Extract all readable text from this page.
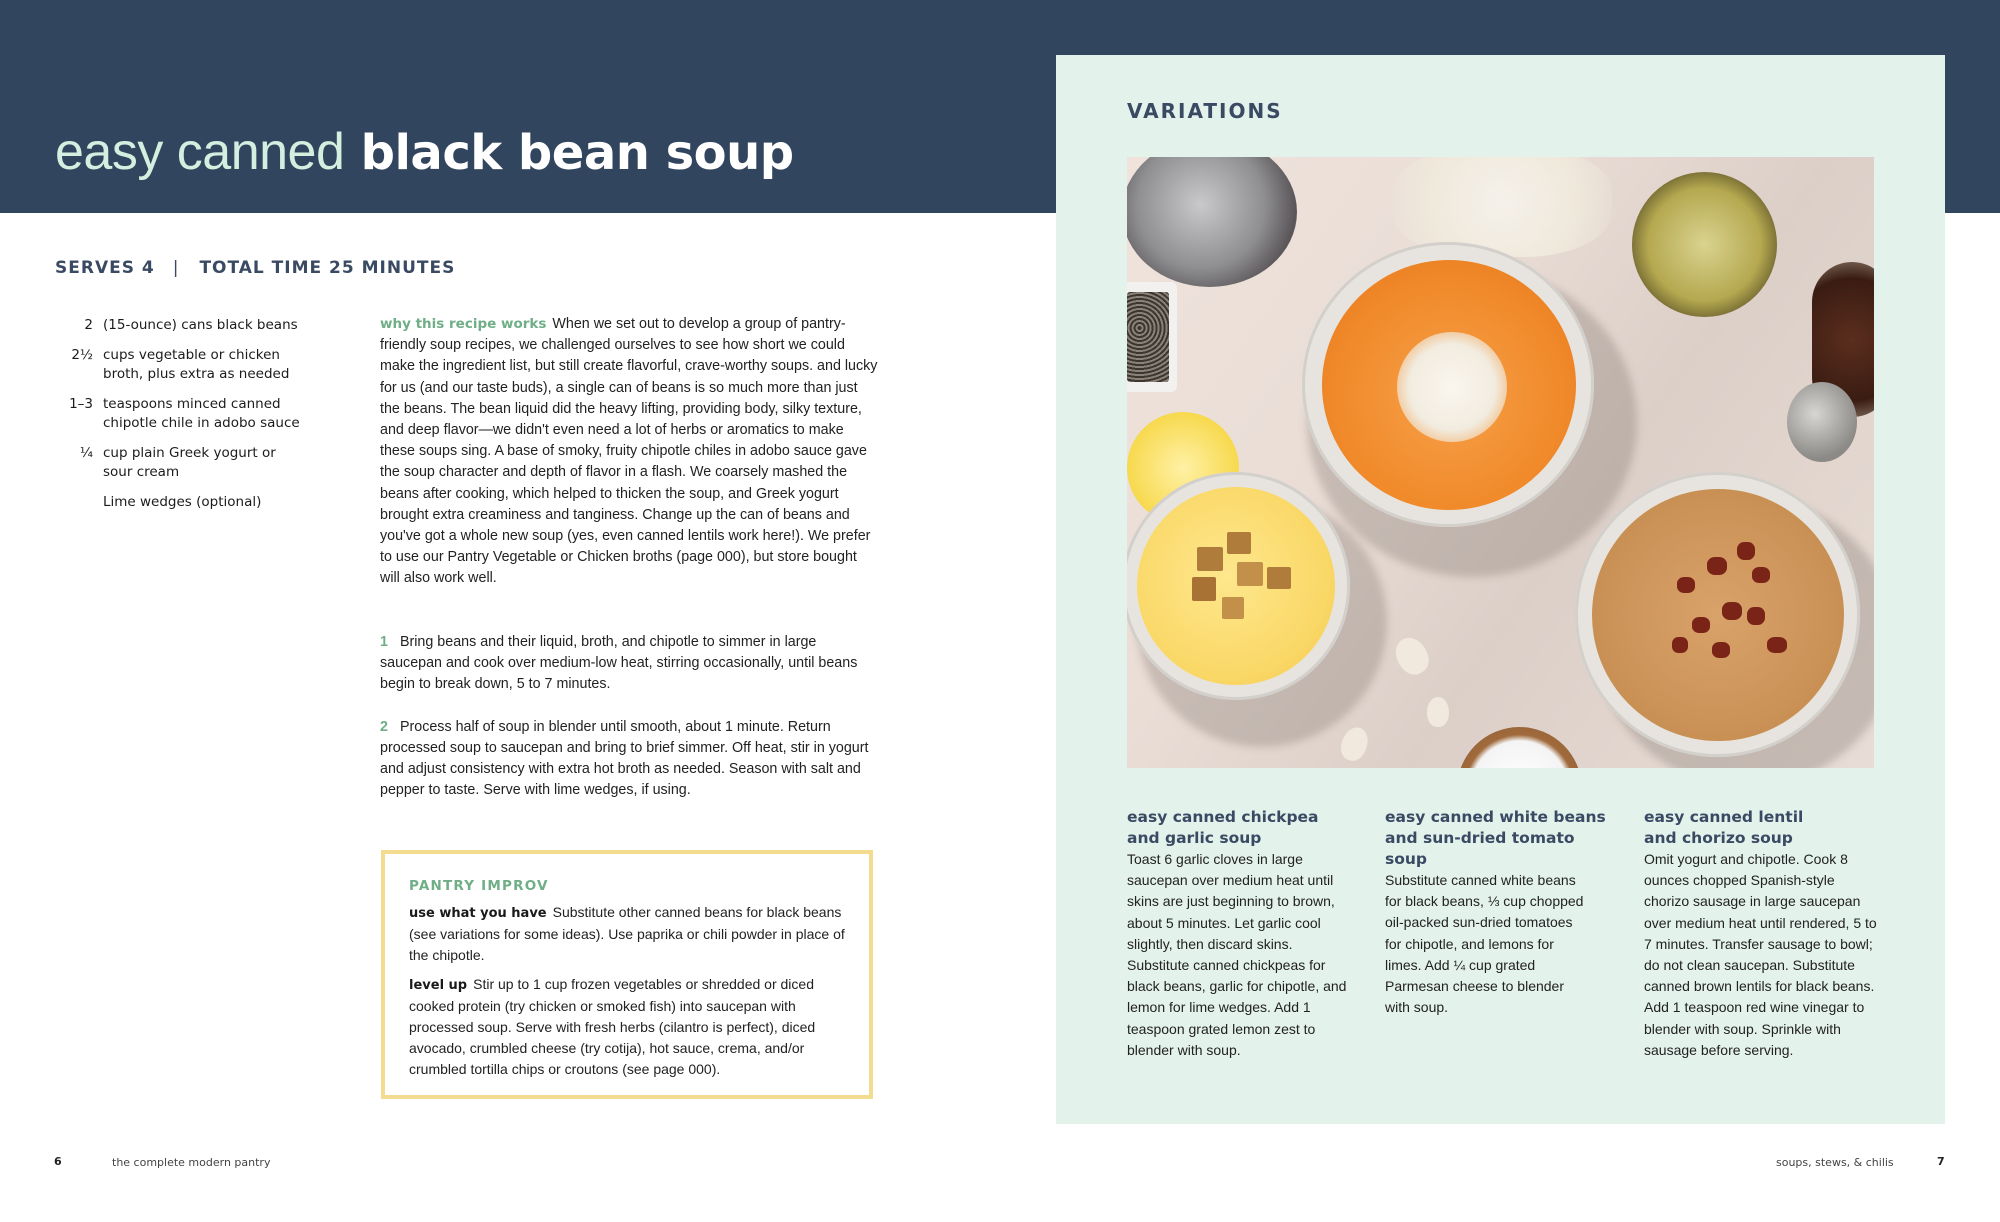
easy canned black bean soup
SERVES 4 | TOTAL TIME 25 MINUTES
2 (15-ounce) cans black beans
2½ cups vegetable or chicken broth, plus extra as needed
1–3 teaspoons minced canned chipotle chile in adobo sauce
¼ cup plain Greek yogurt or sour cream
Lime wedges (optional)
why this recipe works When we set out to develop a group of pantry-friendly soup recipes, we challenged ourselves to see how short we could make the ingredient list, but still create flavorful, crave-worthy soups. and lucky for us (and our taste buds), a single can of beans is so much more than just the beans. The bean liquid did the heavy lifting, providing body, silky texture, and deep flavor—we didn't even need a lot of herbs or aromatics to make these soups sing. A base of smoky, fruity chipotle chiles in adobo sauce gave the soup character and depth of flavor in a flash. We coarsely mashed the beans after cooking, which helped to thicken the soup, and Greek yogurt brought extra creaminess and tanginess. Change up the can of beans and you've got a whole new soup (yes, even canned lentils work here!). We prefer to use our Pantry Vegetable or Chicken broths (page 000), but store bought will also work well.
1 Bring beans and their liquid, broth, and chipotle to simmer in large saucepan and cook over medium-low heat, stirring occasionally, until beans begin to break down, 5 to 7 minutes.
2 Process half of soup in blender until smooth, about 1 minute. Return processed soup to saucepan and bring to brief simmer. Off heat, stir in yogurt and adjust consistency with extra hot broth as needed. Season with salt and pepper to taste. Serve with lime wedges, if using.
PANTRY IMPROV

use what you have Substitute other canned beans for black beans (see variations for some ideas). Use paprika or chili powder in place of the chipotle.

level up Stir up to 1 cup frozen vegetables or shredded or diced cooked protein (try chicken or smoked fish) into saucepan with processed soup. Serve with fresh herbs (cilantro is perfect), diced avocado, crumbled cheese (try cotija), hot sauce, crema, and/or crumbled tortilla chips or croutons (see page 000).

VARIATIONS
easy canned chickpea and garlic soup
Toast 6 garlic cloves in large saucepan over medium heat until skins are just beginning to brown, about 5 minutes. Let garlic cool slightly, then discard skins. Substitute canned chickpeas for black beans, garlic for chipotle, and lemon for lime wedges. Add 1 teaspoon grated lemon zest to blender with soup.
easy canned white beans and sun-dried tomato soup
Substitute canned white beans for black beans, ⅓ cup chopped oil-packed sun-dried tomatoes for chipotle, and lemons for limes. Add ¼ cup grated Parmesan cheese to blender with soup.
easy canned lentil and chorizo soup
Omit yogurt and chipotle. Cook 8 ounces chopped Spanish-style chorizo sausage in large saucepan over medium heat until rendered, 5 to 7 minutes. Transfer sausage to bowl; do not clean saucepan. Substitute canned brown lentils for black beans. Add 1 teaspoon red wine vinegar to blender with soup. Sprinkle with sausage before serving.
6	the complete modern pantry	soups, stews, & chilis	7
